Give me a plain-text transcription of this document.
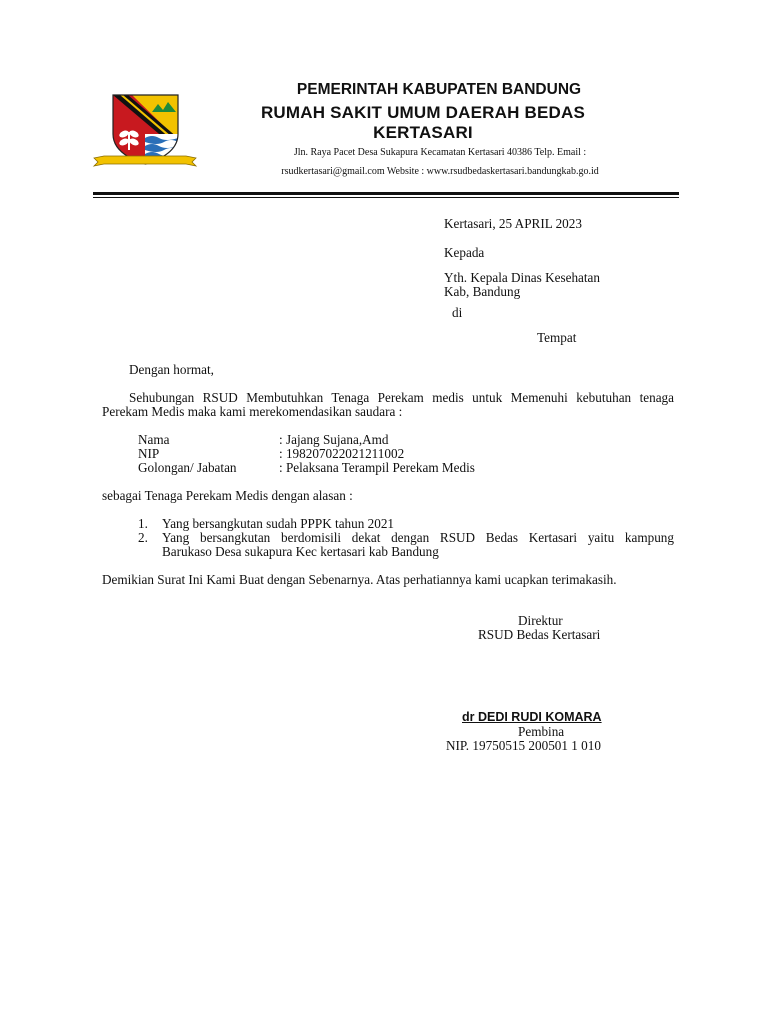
PEMERINTAH KABUPATEN BANDUNG
RUMAH SAKIT UMUM DAERAH BEDAS
KERTASARI
Jln. Raya Pacet Desa Sukapura Kecamatan Kertasari 40386 Telp. Email :
rsudkertasari@gmail.com Website : www.rsudbedaskertasari.bandungkab.go.id
Kertasari, 25 APRIL 2023
Kepada
Yth. Kepala Dinas Kesehatan
Kab, Bandung
di
Tempat
Dengan hormat,
Sehubungan RSUD Membutuhkan Tenaga Perekam medis untuk Memenuhi kebutuhan tenaga
Perekam Medis maka kami merekomendasikan saudara :
Nama	: Jajang Sujana,Amd
NIP	: 198207022021211002
Golongan/ Jabatan	: Pelaksana Terampil Perekam Medis
sebagai Tenaga Perekam Medis dengan alasan :
1. Yang bersangkutan sudah PPPK tahun 2021
2. Yang bersangkutan berdomisili dekat dengan RSUD Bedas Kertasari yaitu kampung
Barukaso Desa sukapura Kec kertasari kab Bandung
Demikian Surat Ini Kami Buat dengan Sebenarnya. Atas perhatiannya kami ucapkan terimakasih.
Direktur
RSUD Bedas Kertasari
dr DEDI RUDI KOMARA
Pembina
NIP. 19750515 200501 1 010
